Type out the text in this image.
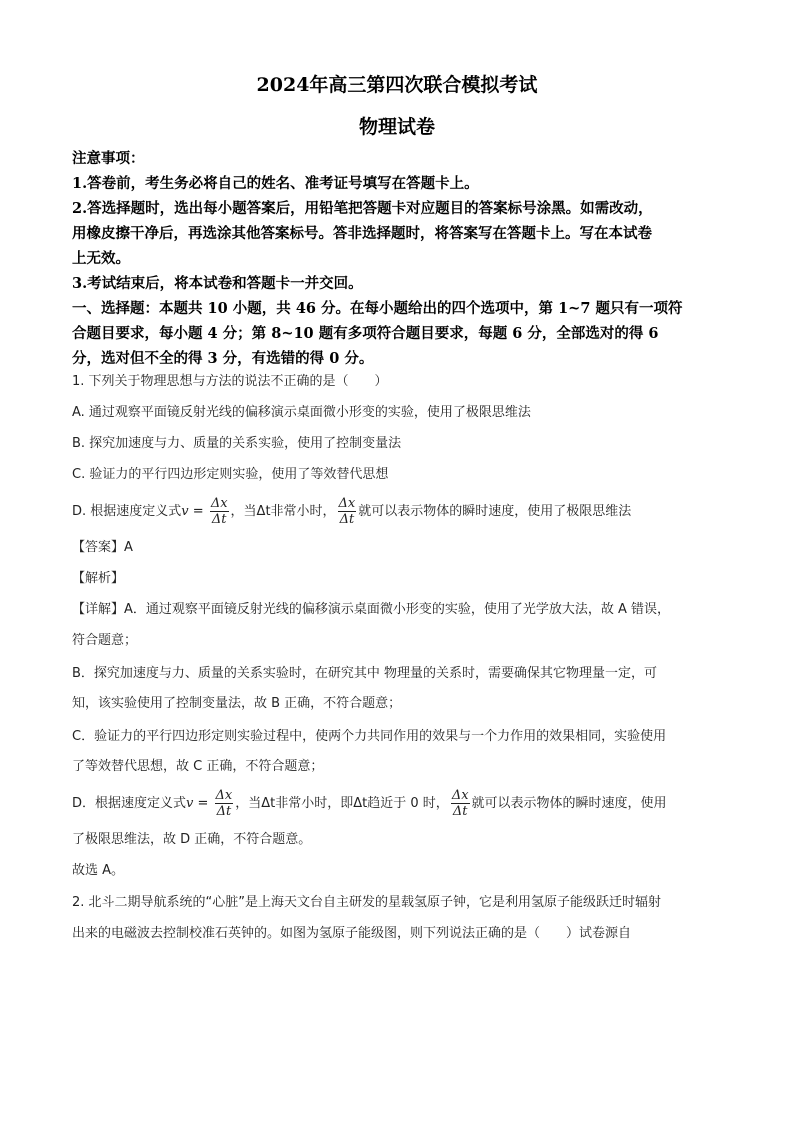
2024年高三第四次联合模拟考试
物理试卷
注意事项：
1.答卷前，考生务必将自己的姓名、准考证号填写在答题卡上。
2.答选择题时，选出每小题答案后，用铅笔把答题卡对应题目的答案标号涂黑。如需改动，
用橡皮擦干净后，再选涂其他答案标号。答非选择题时，将答案写在答题卡上。写在本试卷
上无效。
3.考试结束后，将本试卷和答题卡一并交回。
一、选择题：本题共 10 小题，共 46 分。在每小题给出的四个选项中，第 1~7 题只有一项符
合题目要求，每小题 4 分；第 8~10 题有多项符合题目要求，每题 6 分，全部选对的得 6
分，选对但不全的得 3 分，有选错的得 0 分。
1. 下列关于物理思想与方法的说法不正确的是（　　）
A. 通过观察平面镜反射光线的偏移演示桌面微小形变的实验，使用了极限思维法
B. 探究加速度与力、质量的关系实验，使用了控制变量法
C. 验证力的平行四边形定则实验，使用了等效替代思想
D. 根据速度定义式$v = \frac{\Delta x}{\Delta t}$ ，当Δt非常小时， $\frac{\Delta x}{\Delta t}$ 就可以表示物体的瞬时速度，使用了极限思维法
【答案】A
【解析】
【详解】A．通过观察平面镜反射光线的偏移演示桌面微小形变的实验，使用了光学放大法，故 A 错误，
符合题意；
B．探究加速度与力、质量的关系实验时，在研究其中 物理量的关系时，需要确保其它物理量一定，可
知，该实验使用了控制变量法，故 B 正确，不符合题意；
C．验证力的平行四边形定则实验过程中，使两个力共同作用的效果与一个力作用的效果相同，实验使用
了等效替代思想，故 C 正确，不符合题意；
D．根据速度定义式$v = \frac{\Delta x}{\Delta t}$ ，当Δt非常小时，即Δt趋近于 0 时， $\frac{\Delta x}{\Delta t}$ 就可以表示物体的瞬时速度，使用
了极限思维法，故 D 正确，不符合题意。
故选 A。
2. 北斗二期导航系统的“心脏”是上海天文台自主研发的星载氢原子钟，它是利用氢原子能级跃迁时辐射
出来的电磁波去控制校准石英钟的。如图为氢原子能级图，则下列说法正确的是（　　）试卷源自
